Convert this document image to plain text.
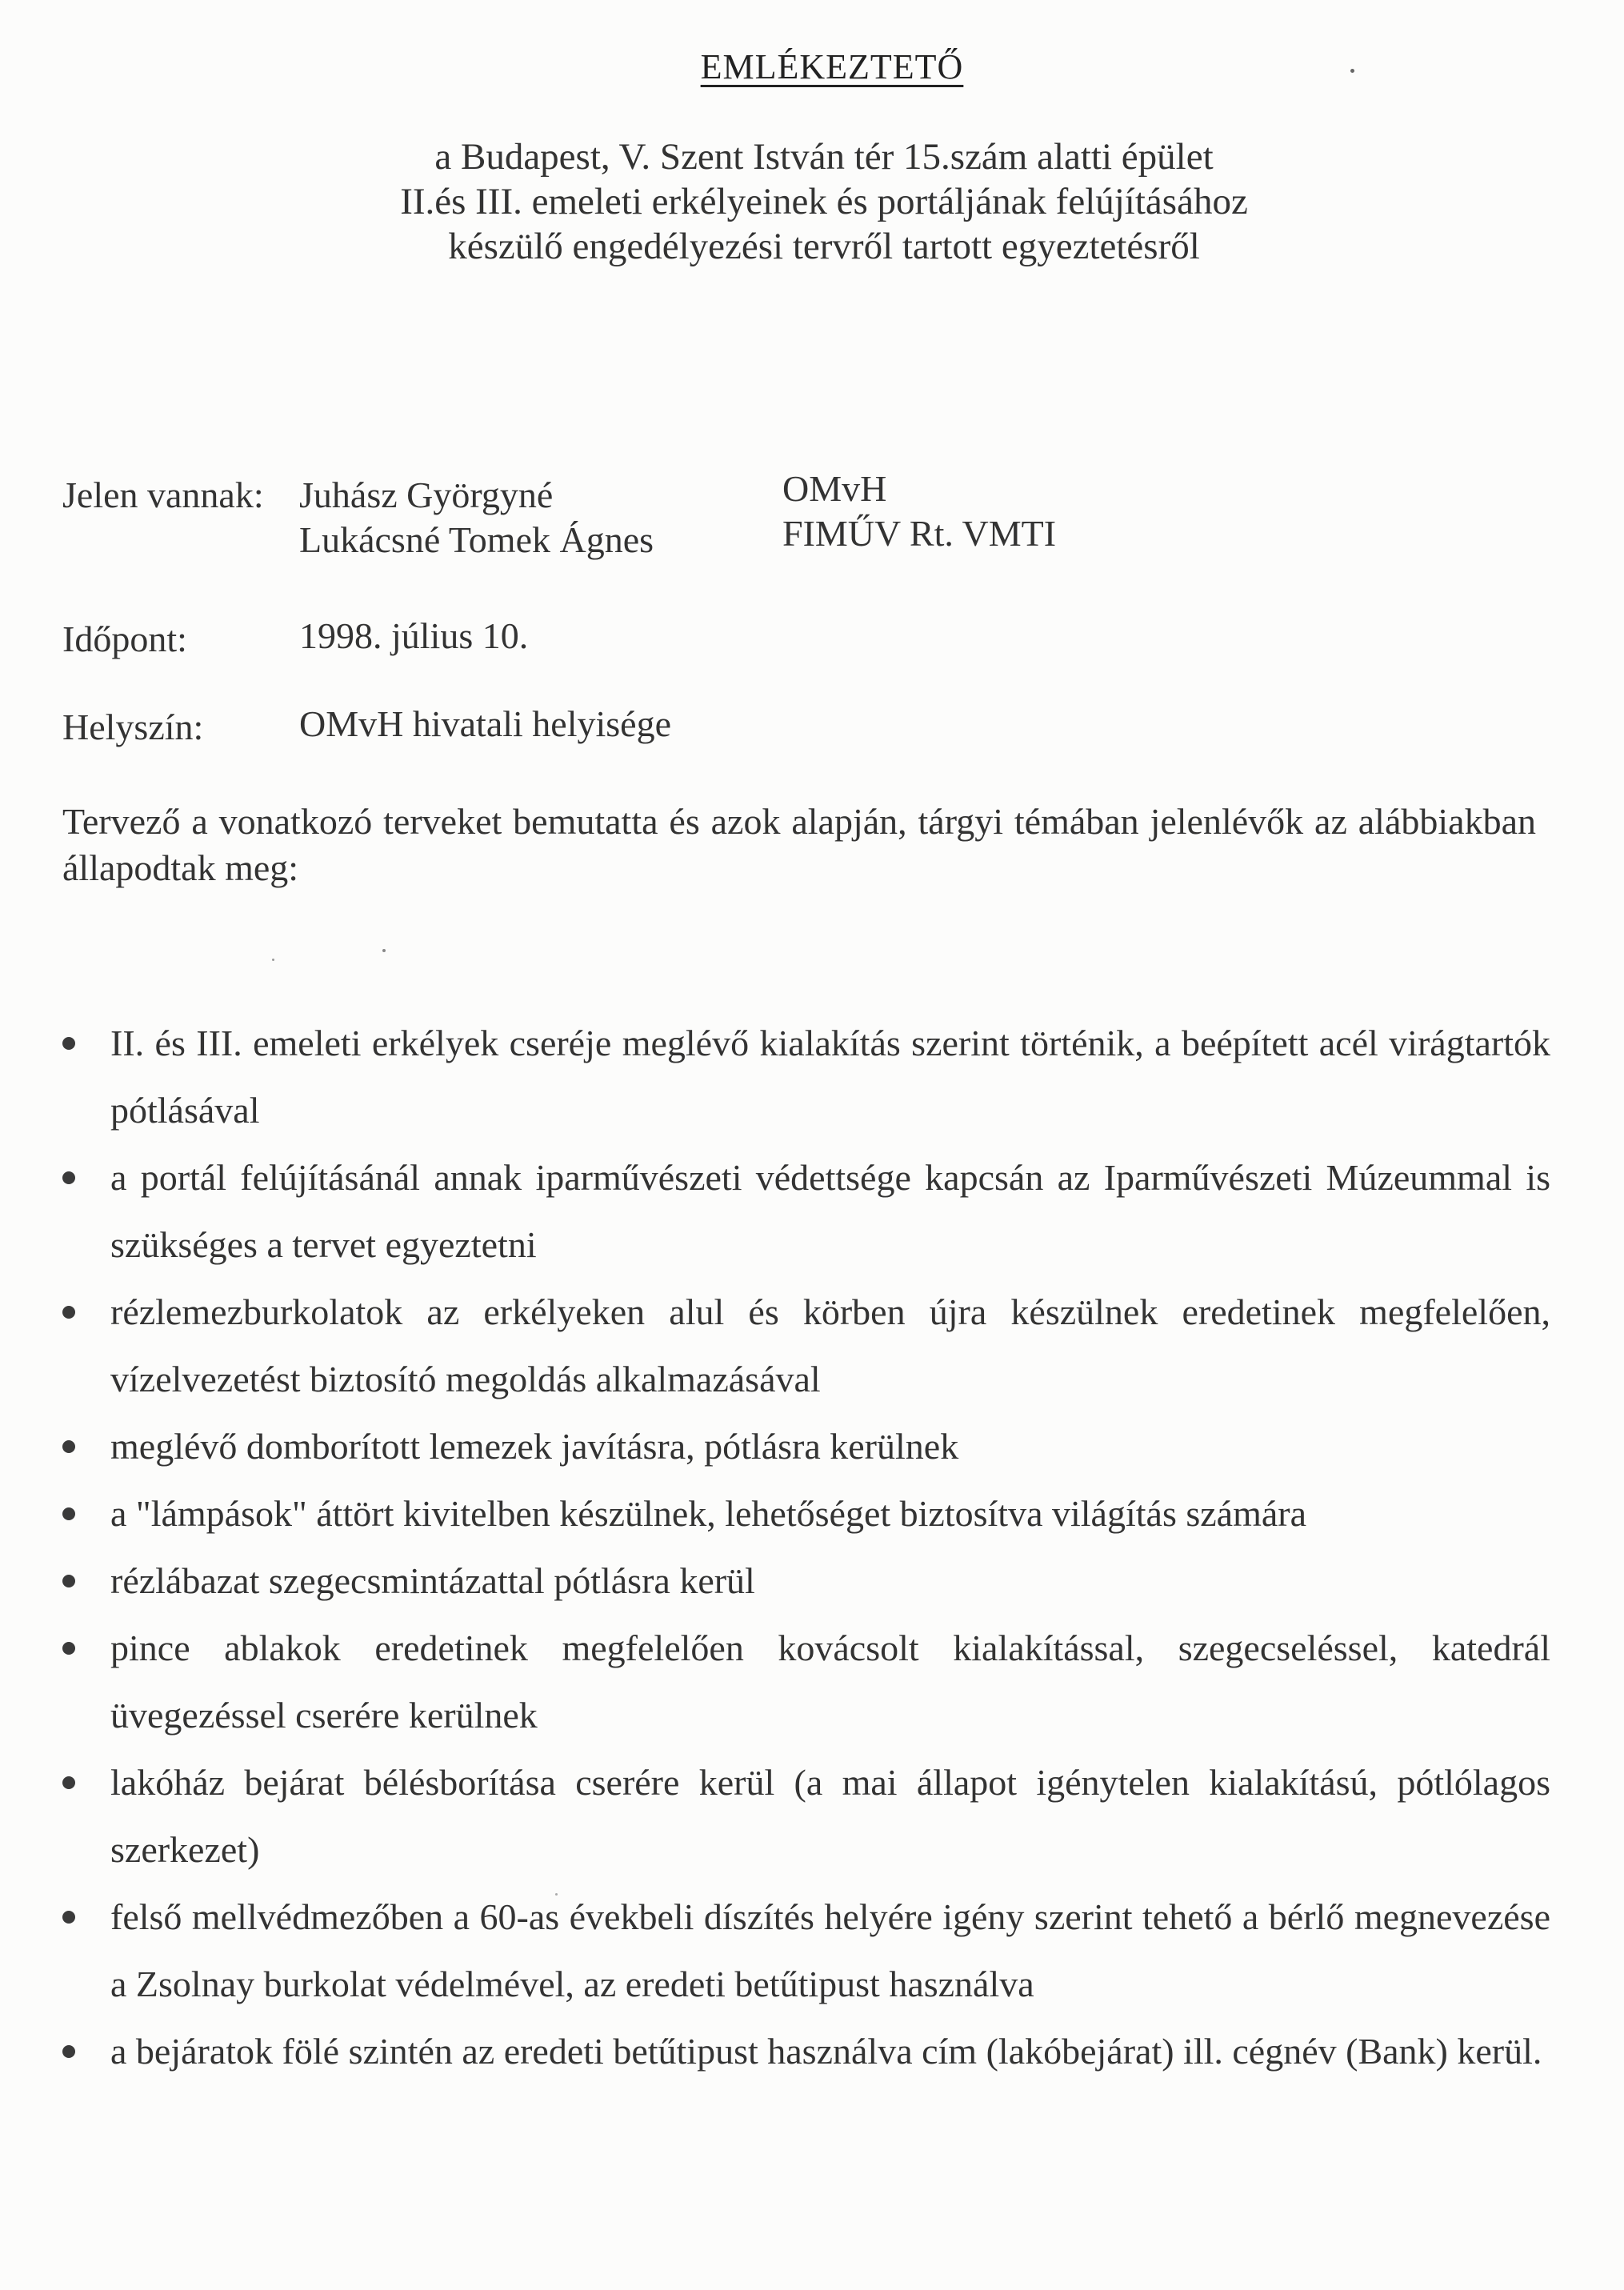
EMLÉKEZTETŐ
a Budapest, V. Szent István tér 15.szám alatti épület
II.és III. emeleti erkélyeinek és portáljának felújításához
készülő engedélyezési tervről tartott egyeztetésről
Jelen vannak: Juhász Györgyné	OMvH
Lukácsné Tomek Ágnes	FIMŰV Rt. VMTI
Időpont:	1998. július 10.
Helyszín:	OMvH hivatali helyisége
Tervező a vonatkozó terveket bemutatta és azok alapján, tárgyi témában jelenlévők az alábbiakban állapodtak meg:
II. és III. emeleti erkélyek cseréje meglévő kialakítás szerint történik, a beépített acél virágtartók pótlásával
a portál felújításánál annak iparművészeti védettsége kapcsán az Iparművészeti Múzeummal is szükséges a tervet egyeztetni
rézlemezburkolatok az erkélyeken alul és körben újra készülnek eredetinek megfelelően, vízelvezetést biztosító megoldás alkalmazásával
meglévő domborított lemezek javításra, pótlásra kerülnek
a "lámpások" áttört kivitelben készülnek, lehetőséget biztosítva világítás számára
rézlábazat szegecsmintázattal pótlásra kerül
pince ablakok eredetinek megfelelően kovácsolt kialakítással, szegecseléssel, katedrál üvegezéssel cserére kerülnek
lakóház bejárat bélésborítása cserére kerül (a mai állapot igénytelen kialakítású, pótlólagos szerkezet)
felső mellvédmezőben a 60-as évekbeli díszítés helyére igény szerint tehető a bérlő megnevezése a Zsolnay burkolat védelmével, az eredeti betűtipust használva
a bejáratok fölé szintén az eredeti betűtipust használva cím (lakóbejárat) ill. cégnév (Bank) kerül.
